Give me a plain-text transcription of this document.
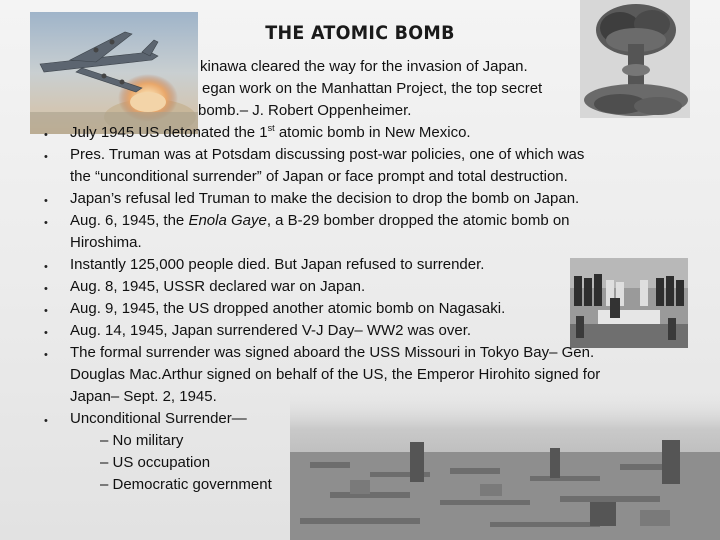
THE ATOMIC BOMB
kinawa cleared the way for the invasion of Japan.
egan work on the Manhattan Project, the top secret
bomb.– J. Robert Oppenheimer.
• July 1945 US detonated the 1st atomic bomb in New Mexico.
• Pres. Truman was at Potsdam discussing post-war policies, one of which was
the “unconditional surrender” of Japan or face prompt and total destruction.
• Japan’s refusal led Truman to make the decision to drop the bomb on Japan.
• Aug. 6, 1945, the Enola Gaye, a B-29 bomber dropped the atomic bomb on
Hiroshima.
• Instantly 125,000 people died. But Japan refused to surrender.
• Aug. 8, 1945, USSR declared war on Japan.
• Aug. 9, 1945, the US dropped another atomic bomb on Nagasaki.
• Aug. 14, 1945, Japan surrendered V-J Day– WW2 was over.
• The formal surrender was signed aboard the USS Missouri in Tokyo Bay– Gen.
Douglas Mac.Arthur signed on behalf of the US, the Emperor Hirohito signed for
Japan– Sept. 2, 1945.
• Unconditional Surrender—
– No military
– US occupation
– Democratic government
